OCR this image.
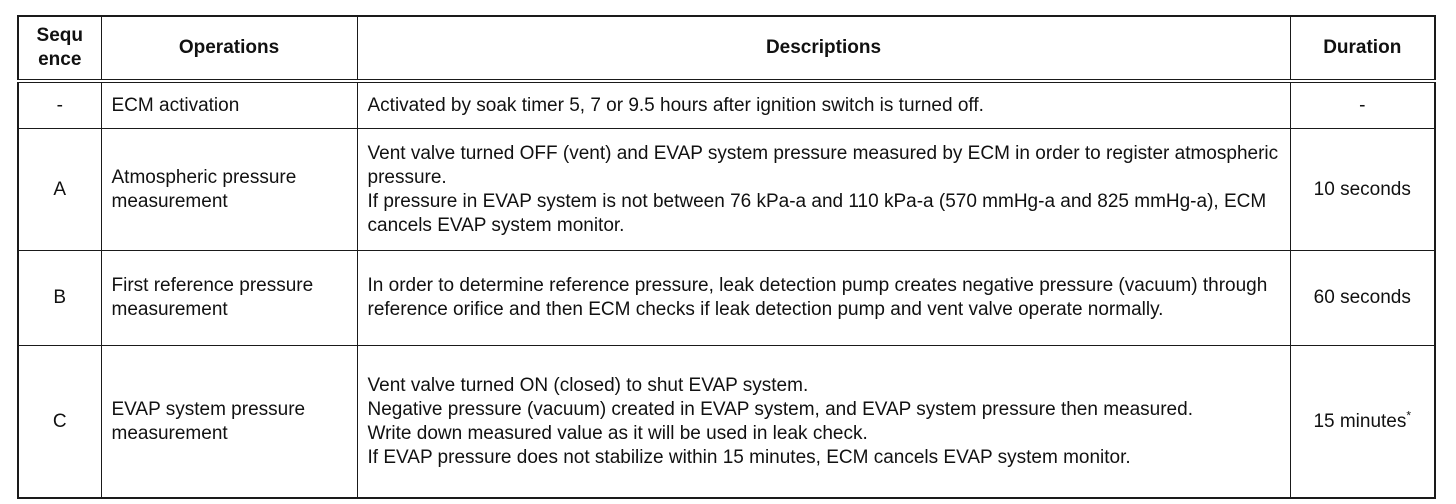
Sequ ence	Operations	Descriptions	Duration
-	ECM activation	Activated by soak timer 5, 7 or 9.5 hours after ignition switch is turned off.	-
A	Atmospheric pressure measurement	Vent valve turned OFF (vent) and EVAP system pressure measured by ECM in order to register atmospheric pressure.
If pressure in EVAP system is not between 76 kPa-a and 110 kPa-a (570 mmHg-a and 825 mmHg-a), ECM cancels EVAP system monitor.	10 seconds
B	First reference pressure measurement	In order to determine reference pressure, leak detection pump creates negative pressure (vacuum) through reference orifice and then ECM checks if leak detection pump and vent valve operate normally.	60 seconds
C	EVAP system pressure measurement	Vent valve turned ON (closed) to shut EVAP system.
Negative pressure (vacuum) created in EVAP system, and EVAP system pressure then measured.
Write down measured value as it will be used in leak check.
If EVAP pressure does not stabilize within 15 minutes, ECM cancels EVAP system monitor.	15 minutes*
